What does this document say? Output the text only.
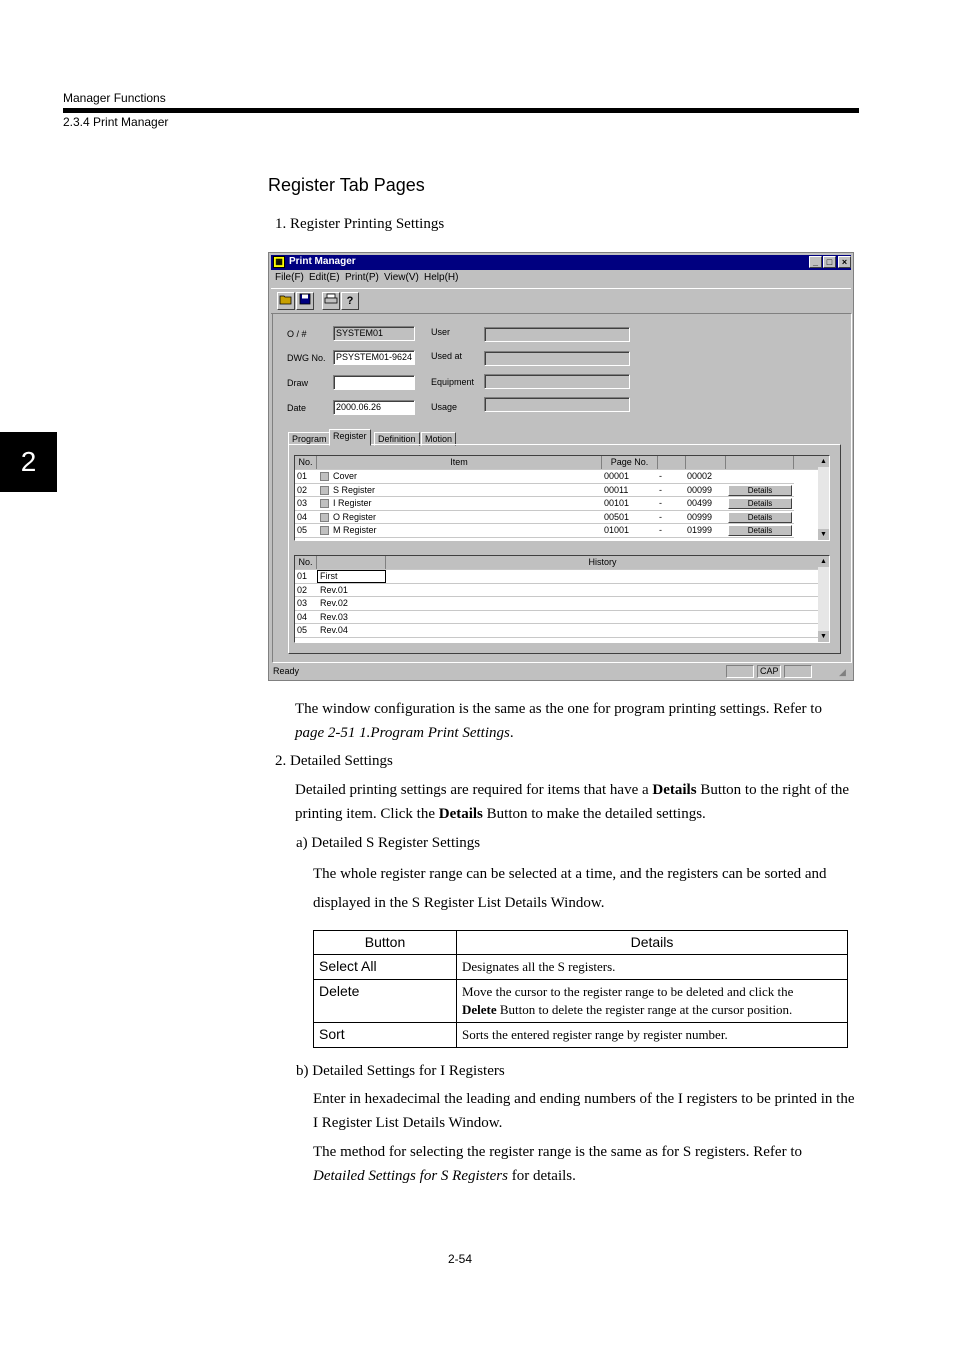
Manager Functions
2.3.4 Print Manager
2
Register Tab Pages
1. Register Printing Settings
▦ Print Manager	_ □	×
File(F) Edit(E) Print(P) View(V) Help(H)
?
O / #	SYSTEM01
DWG No.	PSYSTEM01-9624
Draw
Date	2000.06.26
User
Used at
Equipment
Usage
Program Register	Definition	Motion
No.	Item	Page No.
01	Cover	00001	-	00002
02	S Register	00011	-	00099	Details
03	I Register	00101	-	00499	Details
04	O Register	00501	-	00999	Details
05	M Register	01001	-	01999	Details
▲
▼
No.	History
01	First
02	Rev.01
03	Rev.02
04	Rev.03
05	Rev.04
▲
▼
Ready	CAP	◢
The window configuration is the same as the one for program printing settings. Refer to
page 2-51 1.Program Print Settings.
2. Detailed Settings
Detailed printing settings are required for items that have a Details Button to the right of the printing item. Click the Details Button to make the detailed settings.
a) Detailed S Register Settings
The whole register range can be selected at a time, and the registers can be sorted and
displayed in the S Register List Details Window.
Button	Details
Select All	Designates all the S registers.
Delete	Move the cursor to the register range to be deleted and click the
Delete Button to delete the register range at the cursor position.
Sort	Sorts the entered register range by register number.
b) Detailed Settings for I Registers
Enter in hexadecimal the leading and ending numbers of the I registers to be printed in the I Register List Details Window.
The method for selecting the register range is the same as for S registers. Refer to
Detailed Settings for S Registers for details.
2-54
